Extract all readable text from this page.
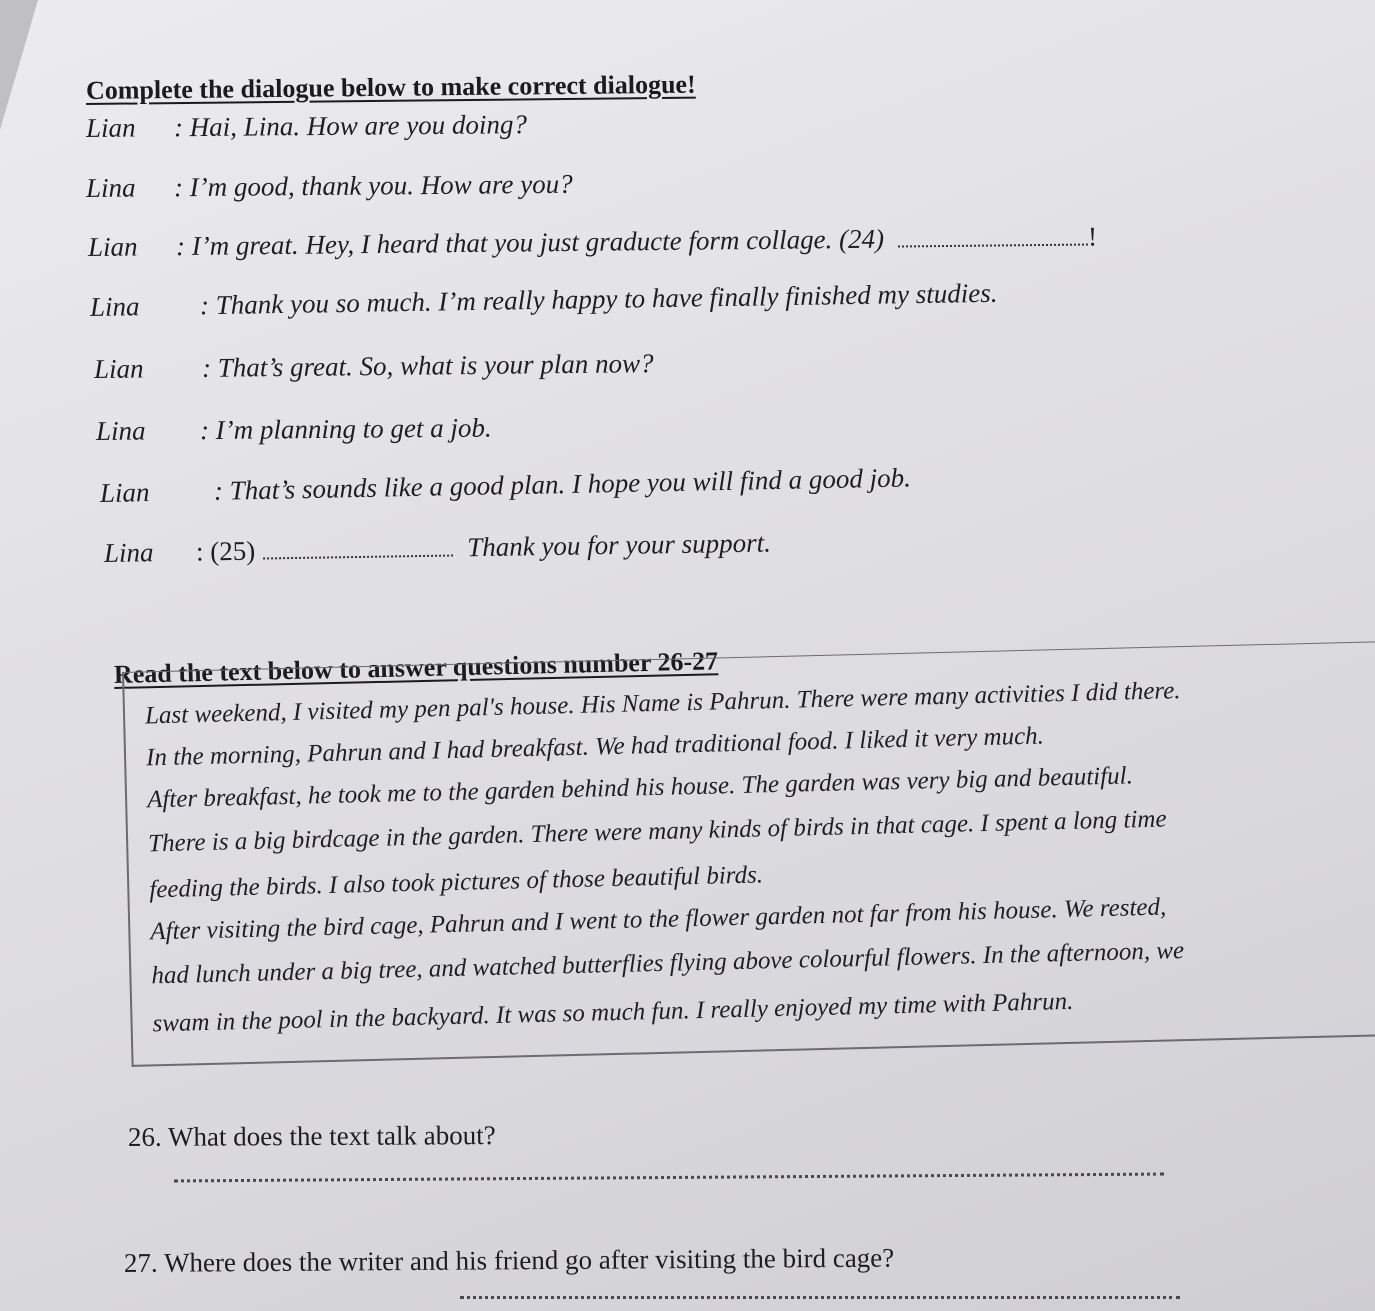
Complete the dialogue below to make correct dialogue!
Lian : Hai, Lina. How are you doing?
Lina : I’m good, thank you. How are you?
Lian : I’m great. Hey, I heard that you just graducte form collage. (24)	!
Lina : Thank you so much. I’m really happy to have finally finished my studies.
Lian : That’s great. So, what is your plan now?
Lina : I’m planning to get a job.
Lian : That’s sounds like a good plan. I hope you will find a good job.
Lina : (25)	Thank you for your support.
Read the text below to answer questions number 26-27
Last weekend, I visited my pen pal's house. His Name is Pahrun. There were many activities I did there.
In the morning, Pahrun and I had breakfast. We had traditional food. I liked it very much.
After breakfast, he took me to the garden behind his house. The garden was very big and beautiful.
There is a big birdcage in the garden. There were many kinds of birds in that cage. I spent a long time
feeding the birds. I also took pictures of those beautiful birds.
After visiting the bird cage, Pahrun and I went to the flower garden not far from his house. We rested,
had lunch under a big tree, and watched butterflies flying above colourful flowers. In the afternoon, we
swam in the pool in the backyard. It was so much fun. I really enjoyed my time with Pahrun.
26. What does the text talk about?
27. Where does the writer and his friend go after visiting the bird cage?
